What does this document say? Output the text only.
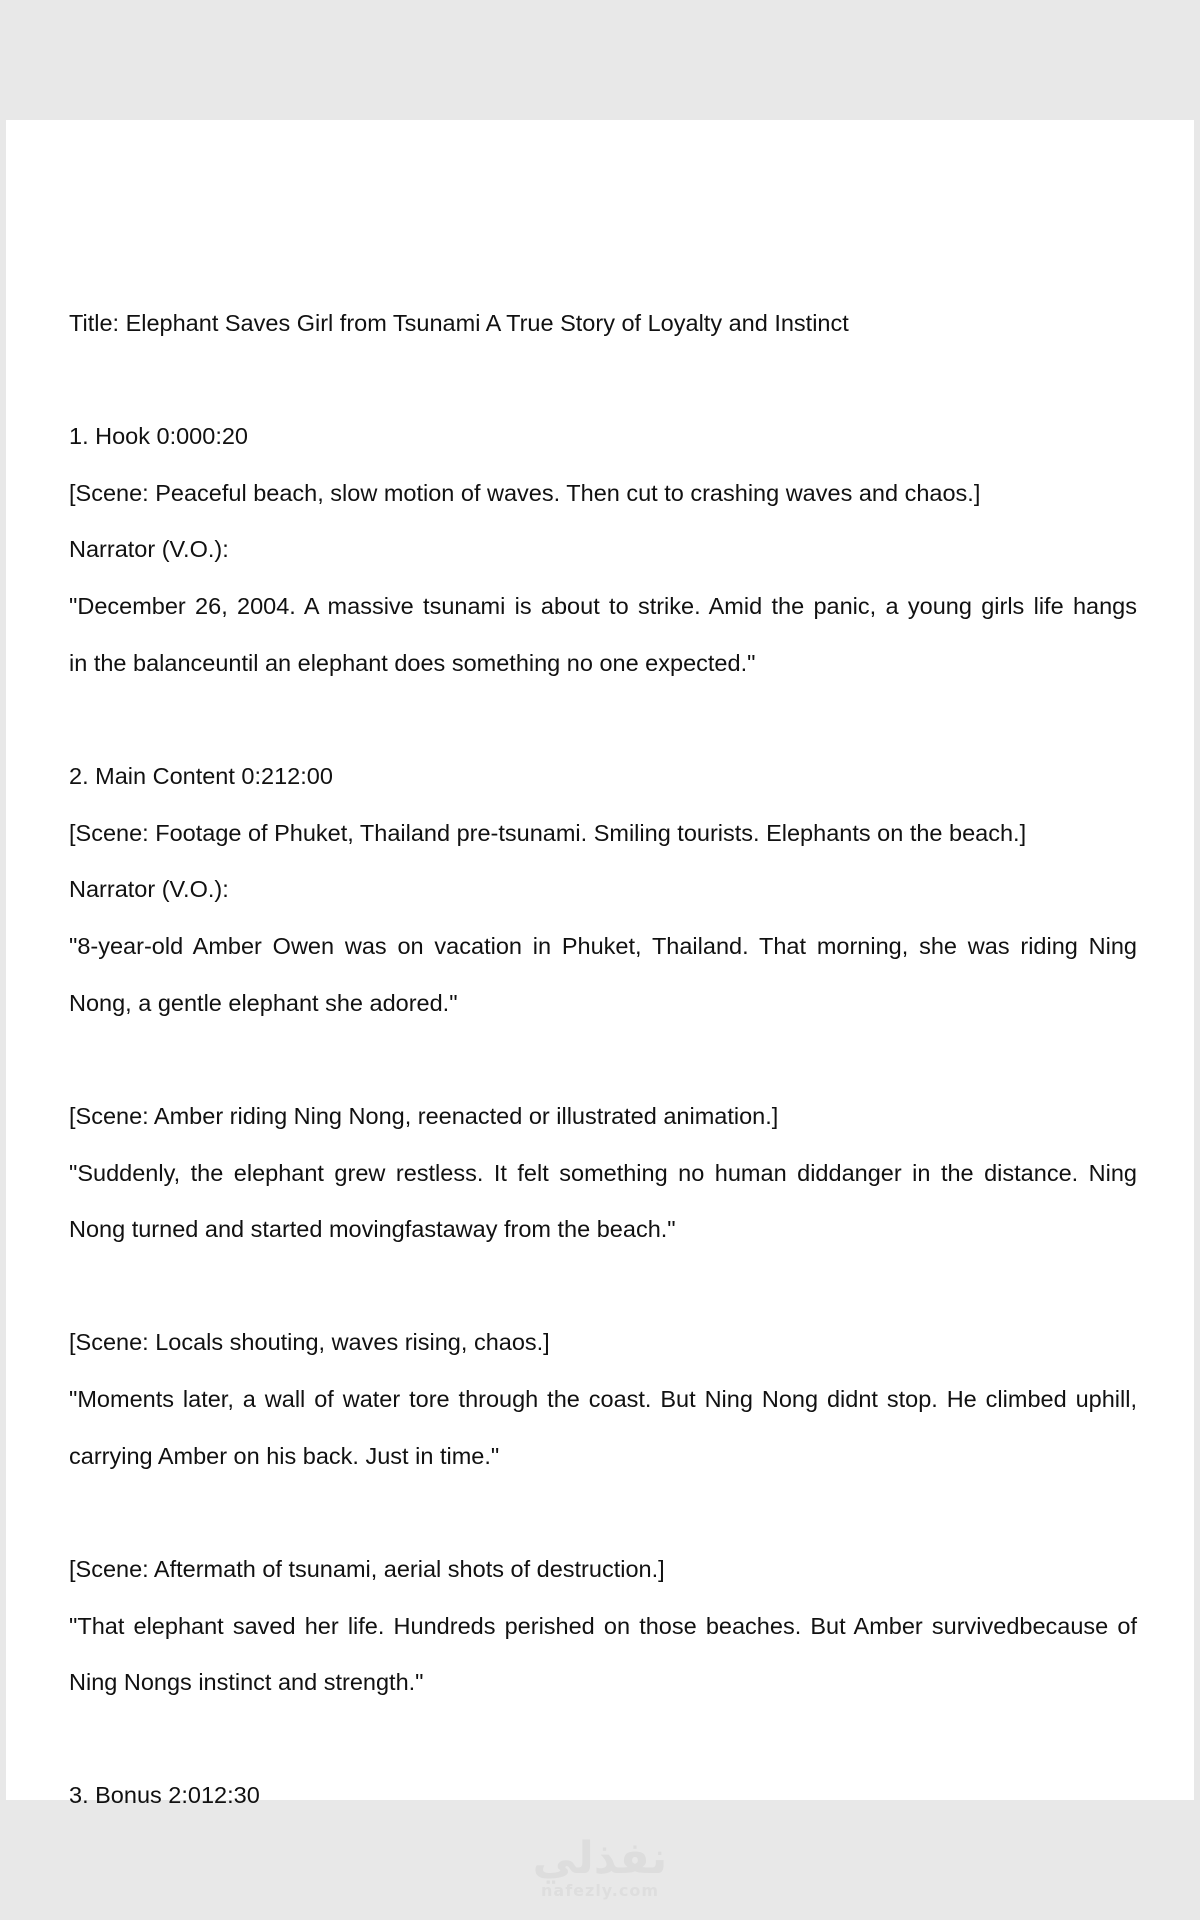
Title: Elephant Saves Girl from Tsunami A True Story of Loyalty and Instinct
1. Hook 0:000:20
[Scene: Peaceful beach, slow motion of waves. Then cut to crashing waves and chaos.]
Narrator (V.O.):
"December 26, 2004. A massive tsunami is about to strike. Amid the panic, a young girls life hangs
in the balanceuntil an elephant does something no one expected."
2. Main Content 0:212:00
[Scene: Footage of Phuket, Thailand pre-tsunami. Smiling tourists. Elephants on the beach.]
Narrator (V.O.):
"8-year-old Amber Owen was on vacation in Phuket, Thailand. That morning, she was riding Ning
Nong, a gentle elephant she adored."
[Scene: Amber riding Ning Nong, reenacted or illustrated animation.]
"Suddenly, the elephant grew restless. It felt something no human diddanger in the distance. Ning
Nong turned and started movingfastaway from the beach."
[Scene: Locals shouting, waves rising, chaos.]
"Moments later, a wall of water tore through the coast. But Ning Nong didnt stop. He climbed uphill,
carrying Amber on his back. Just in time."
[Scene: Aftermath of tsunami, aerial shots of destruction.]
"That elephant saved her life. Hundreds perished on those beaches. But Amber survivedbecause of
Ning Nongs instinct and strength."
3. Bonus 2:012:30
نفذلي
nafezly.com
